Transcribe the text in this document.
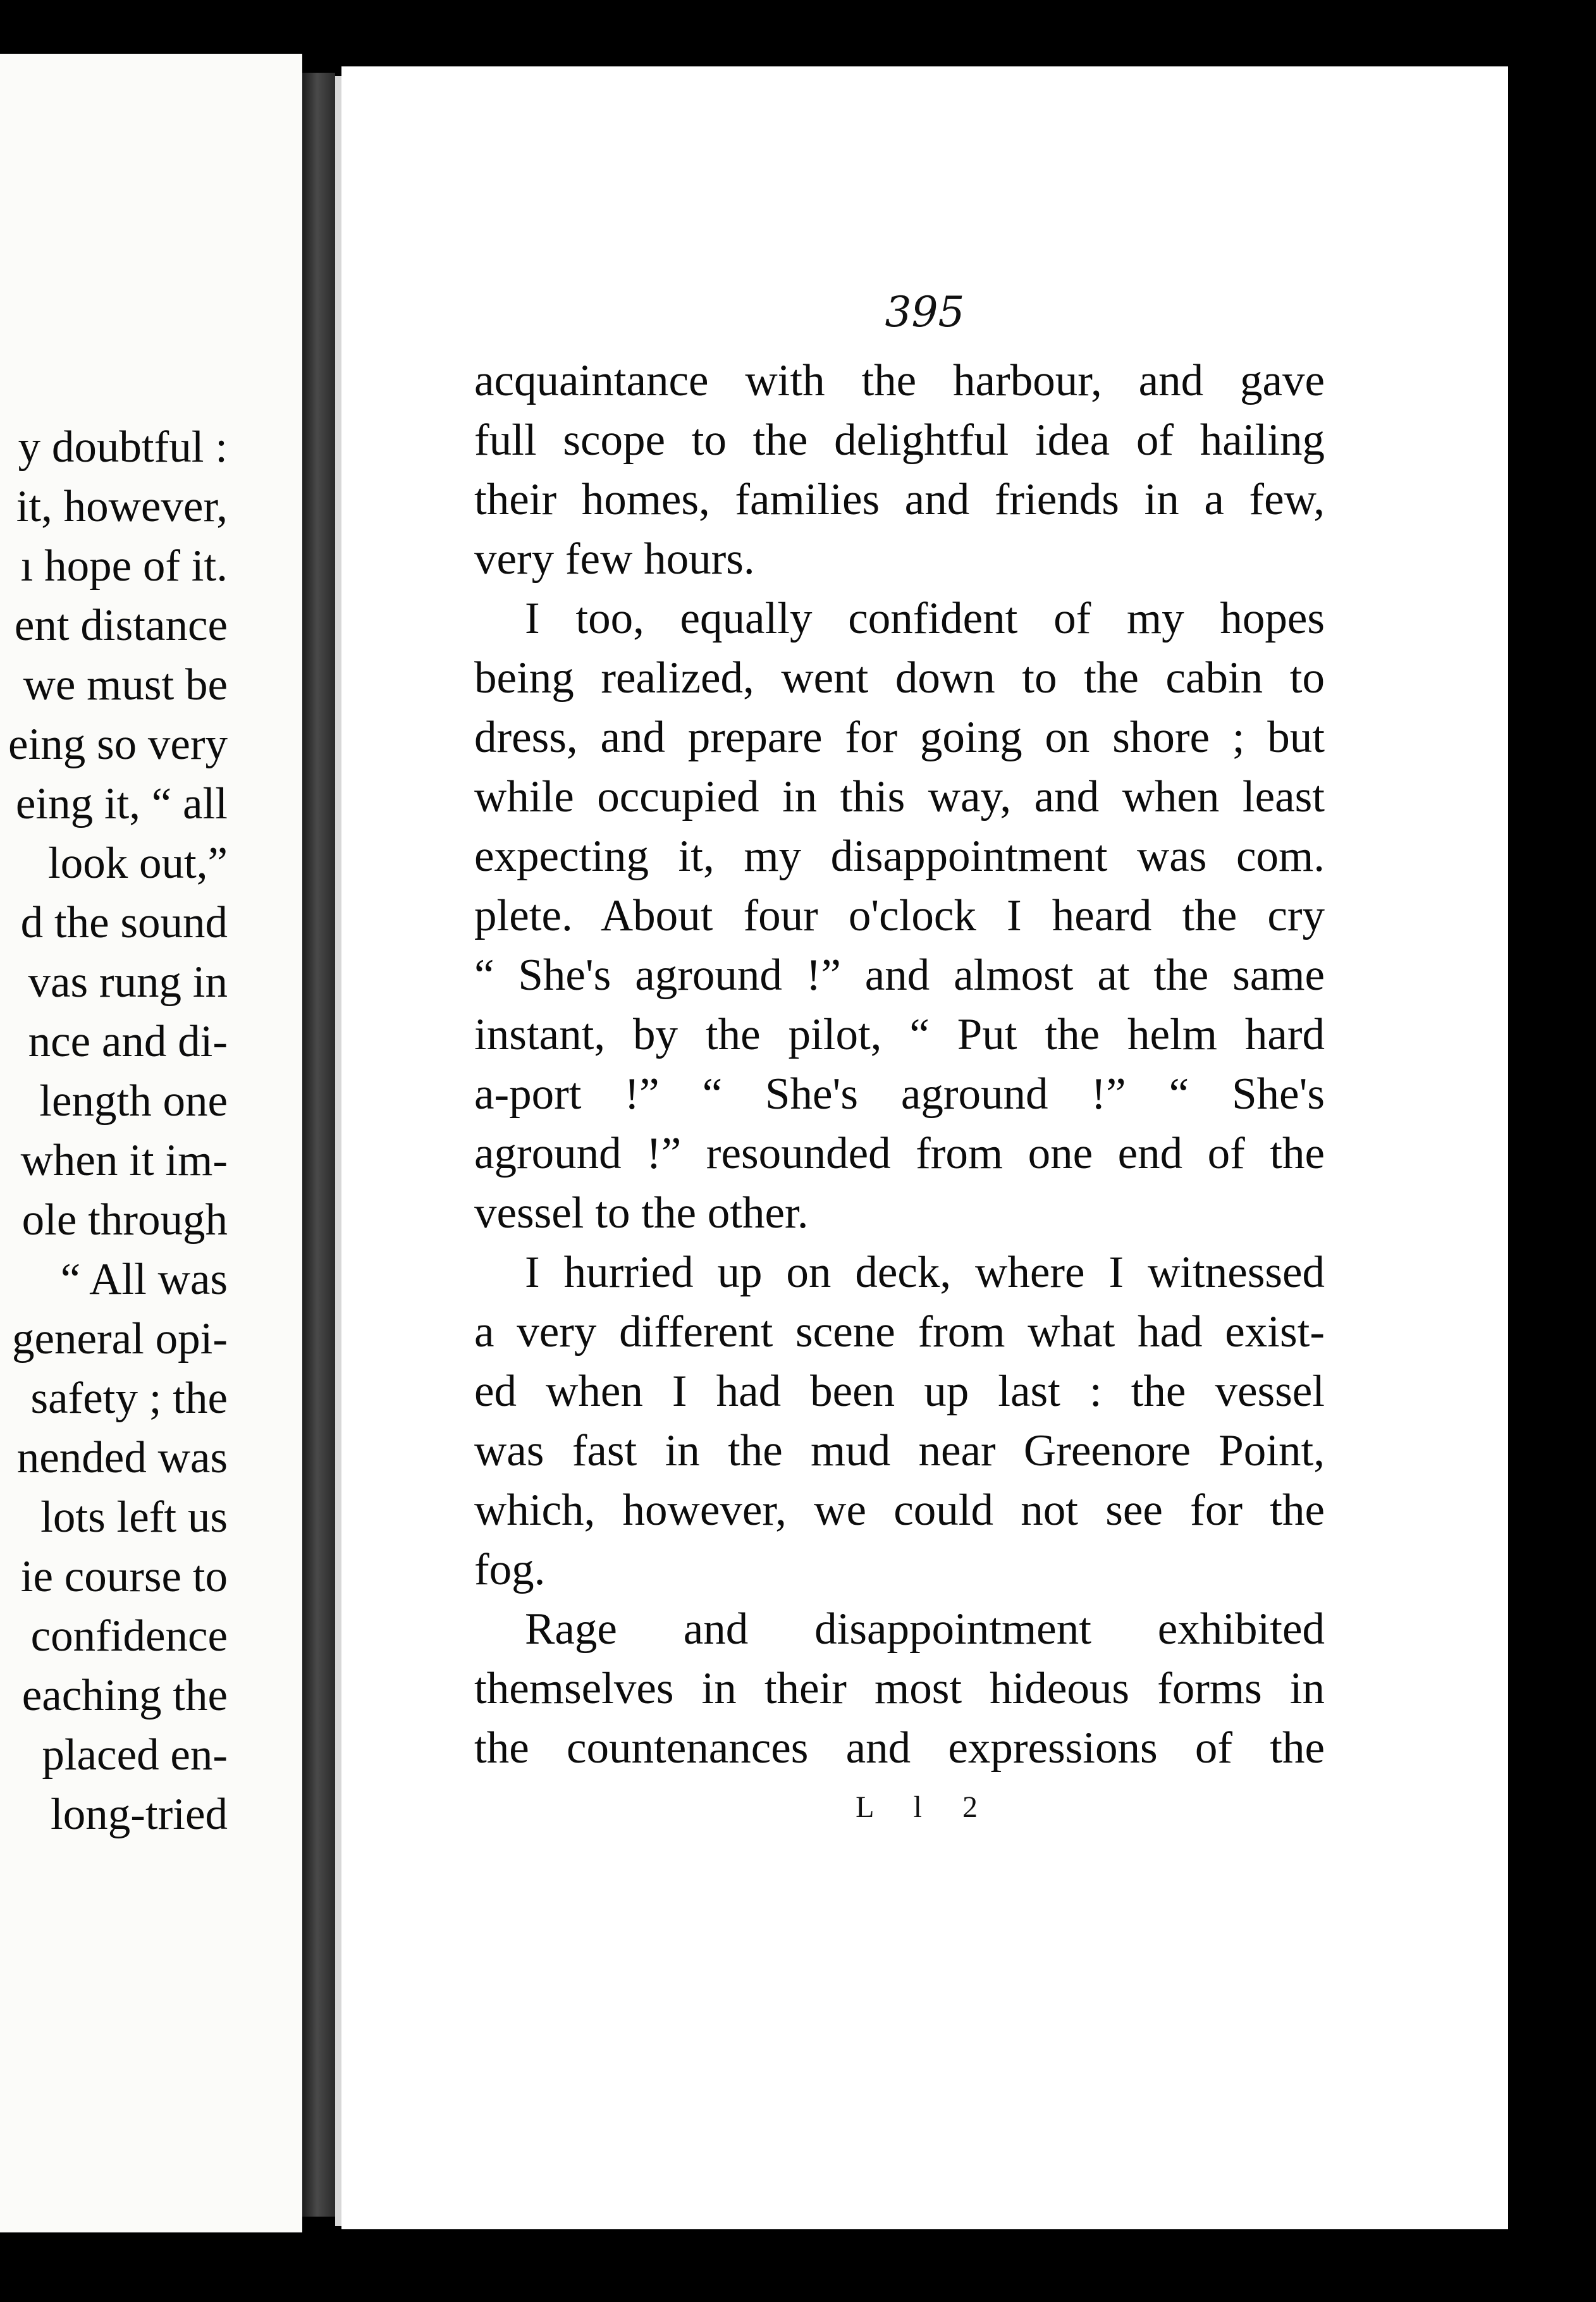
y doubtful :
it, however,
ı hope of it.
ent distance
we must be
eing so very
eing it, “ all
look out,”
d the sound
vas rung in
nce and di-
length one
when it im-
ole through
“ All was
general opi-
safety ; the
nended was
lots left us
ie course to
confidence
eaching the
placed en-
long-tried
395
acquaintance with the harbour, and gave
full scope to the delightful idea of hailing
their homes, families and friends in a few,
very few hours.
I too, equally confident of my hopes
being realized, went down to the cabin to
dress, and prepare for going on shore ; but
while occupied in this way, and when least
expecting it, my disappointment was com.
plete. About four o'clock I heard the cry
“ She's aground !” and almost at the same
instant, by the pilot, “ Put the helm hard
a-port !” “ She's aground !” “ She's
aground !” resounded from one end of the
vessel to the other.
I hurried up on deck, where I witnessed
a very different scene from what had exist-
ed when I had been up last : the vessel
was fast in the mud near Greenore Point,
which, however, we could not see for the
fog.
Rage and disappointment exhibited
themselves in their most hideous forms in
the countenances and expressions of the
L l 2
